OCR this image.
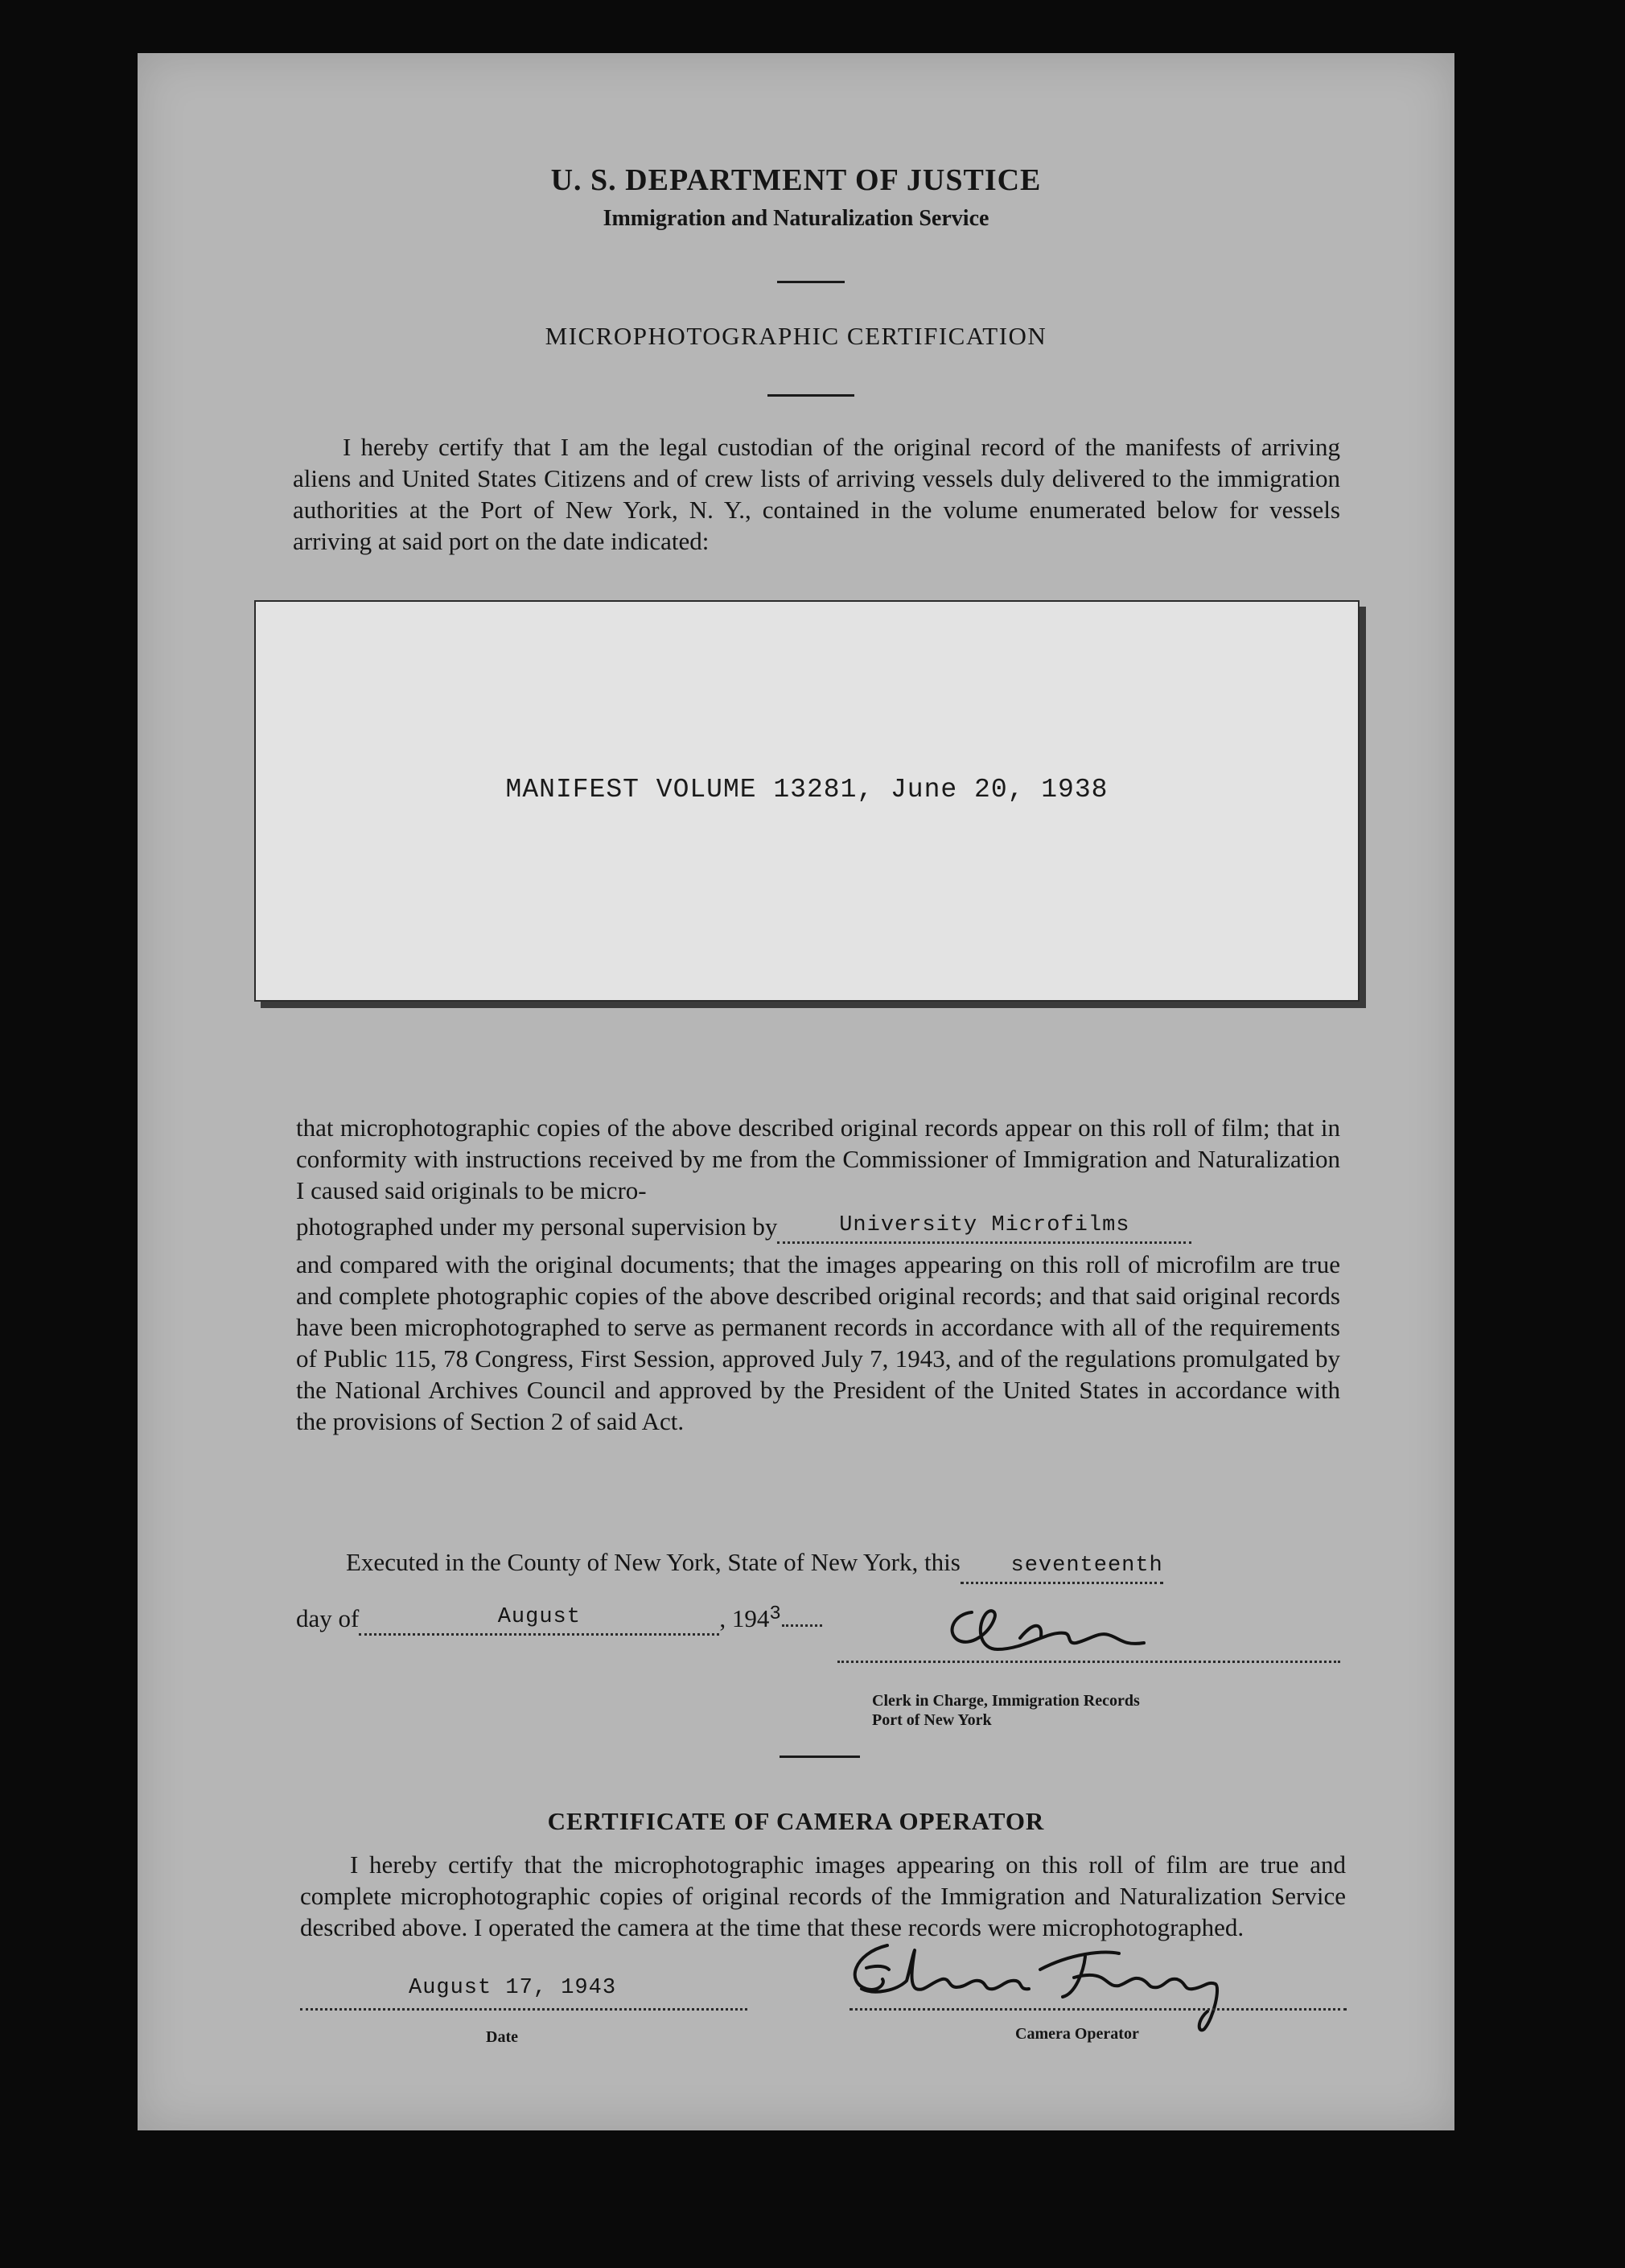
U. S. DEPARTMENT OF JUSTICE
Immigration and Naturalization Service
MICROPHOTOGRAPHIC CERTIFICATION

I hereby certify that I am the legal custodian of the original record of the manifests of arriving aliens and United States Citizens and of crew lists of arriving vessels duly delivered to the immigration authorities at the Port of New York, N. Y., contained in the volume enumerated below for vessels arriving at said port on the date indicated:

MANIFEST VOLUME 13281, June 20, 1938

that microphotographic copies of the above described original records appear on this roll of film; that in conformity with instructions received by me from the Commissioner of Immigration and Naturalization I caused said originals to be micro-

photographed under my personal supervision by	University Microfilms

and compared with the original documents; that the images appearing on this roll of microfilm are true and complete photographic copies of the above described original records; and that said original records have been microphotographed to serve as permanent records in accordance with all of the requirements of Public 115, 78 Congress, First Session, approved July 7, 1943, and of the regulations promulgated by the National Archives Council and approved by the President of the United States in accordance with the provisions of Section 2 of said Act.

Executed in the County of New York, State of New York, this seventeenth
day of	August	, $194^3$
Clerk in Charge, Immigration Records
Port of New York
CERTIFICATE OF CAMERA OPERATOR

I hereby certify that the microphotographic images appearing on this roll of film are true and complete microphotographic copies of original records of the Immigration and Naturalization Service described above. I operated the camera at the time that these records were microphotographed.

August 17, 1943
Date	Camera Operator
